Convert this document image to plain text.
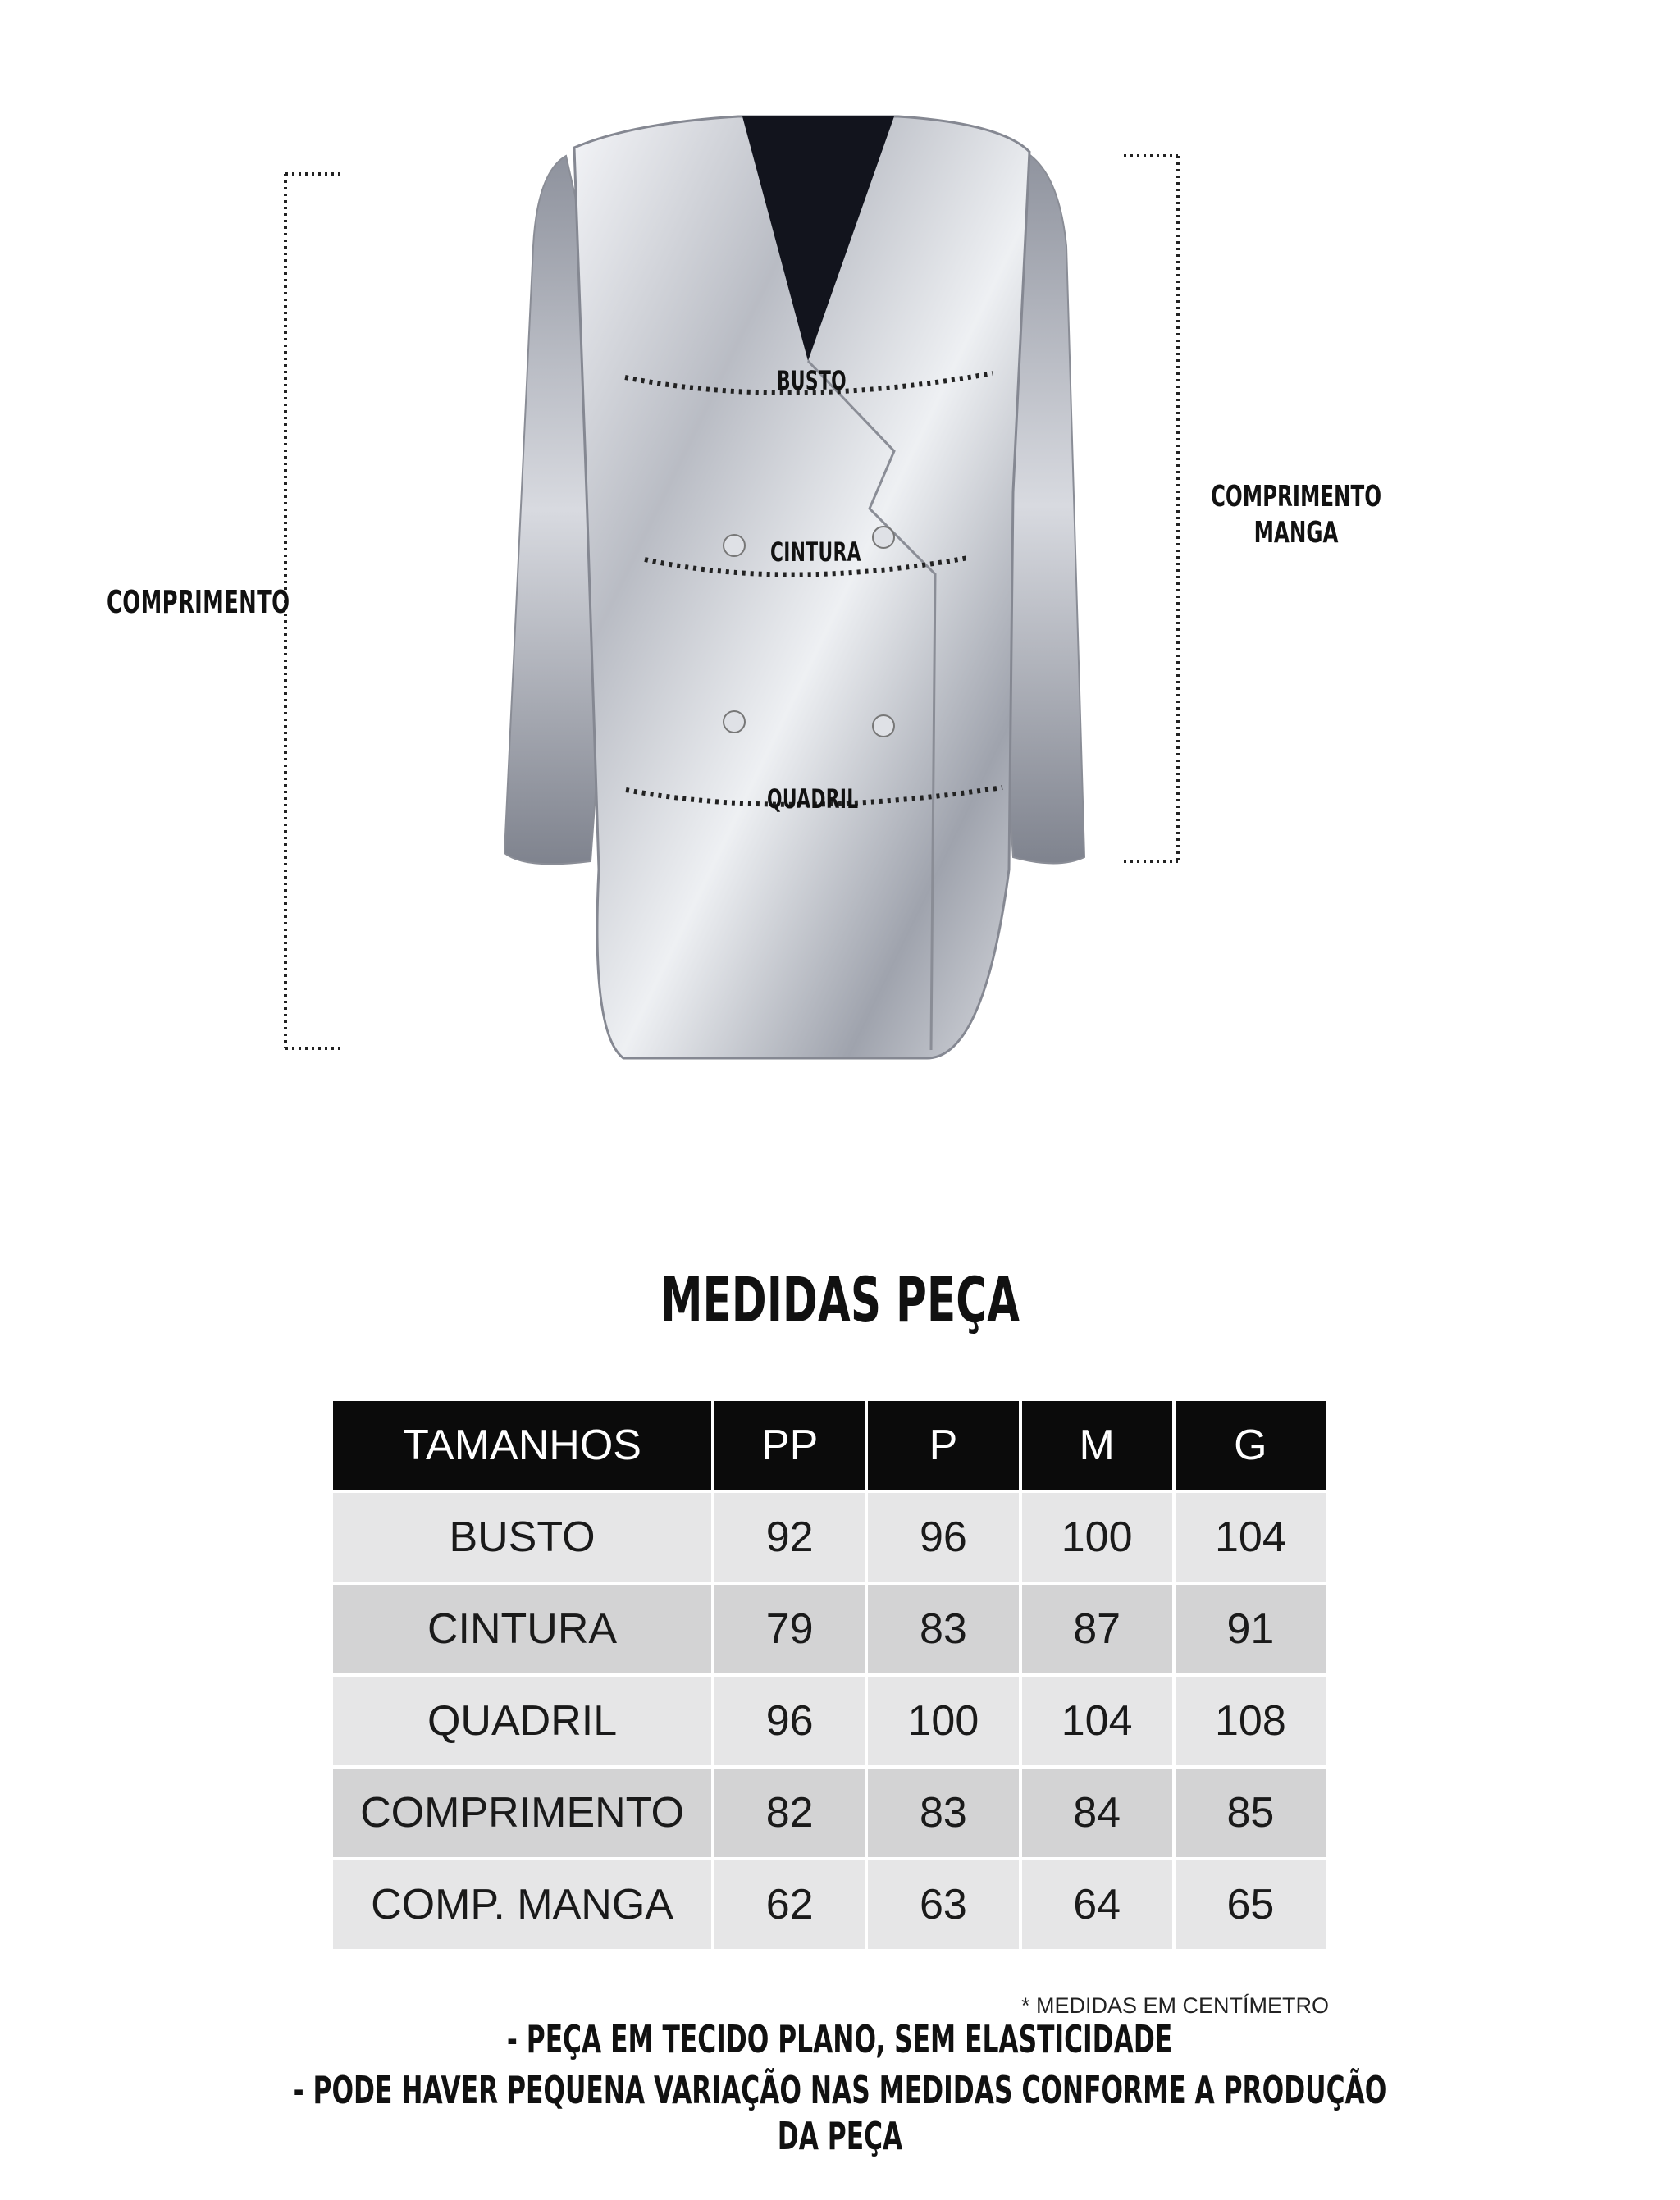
COMPRIMENTO
COMPRIMENTO
MANGA
BUSTO
CINTURA
QUADRIL
MEDIDAS PEÇA
TAMANHOS	PP	P	M	G
BUSTO	92	96	100	104
CINTURA	79	83	87	91
QUADRIL	96	100	104	108
COMPRIMENTO	82	83	84	85
COMP. MANGA	62	63	64	65
* MEDIDAS EM CENTÍMETRO
- PEÇA EM TECIDO PLANO, SEM ELASTICIDADE
- PODE HAVER PEQUENA VARIAÇÃO NAS MEDIDAS CONFORME A PRODUÇÃO DA PEÇA
